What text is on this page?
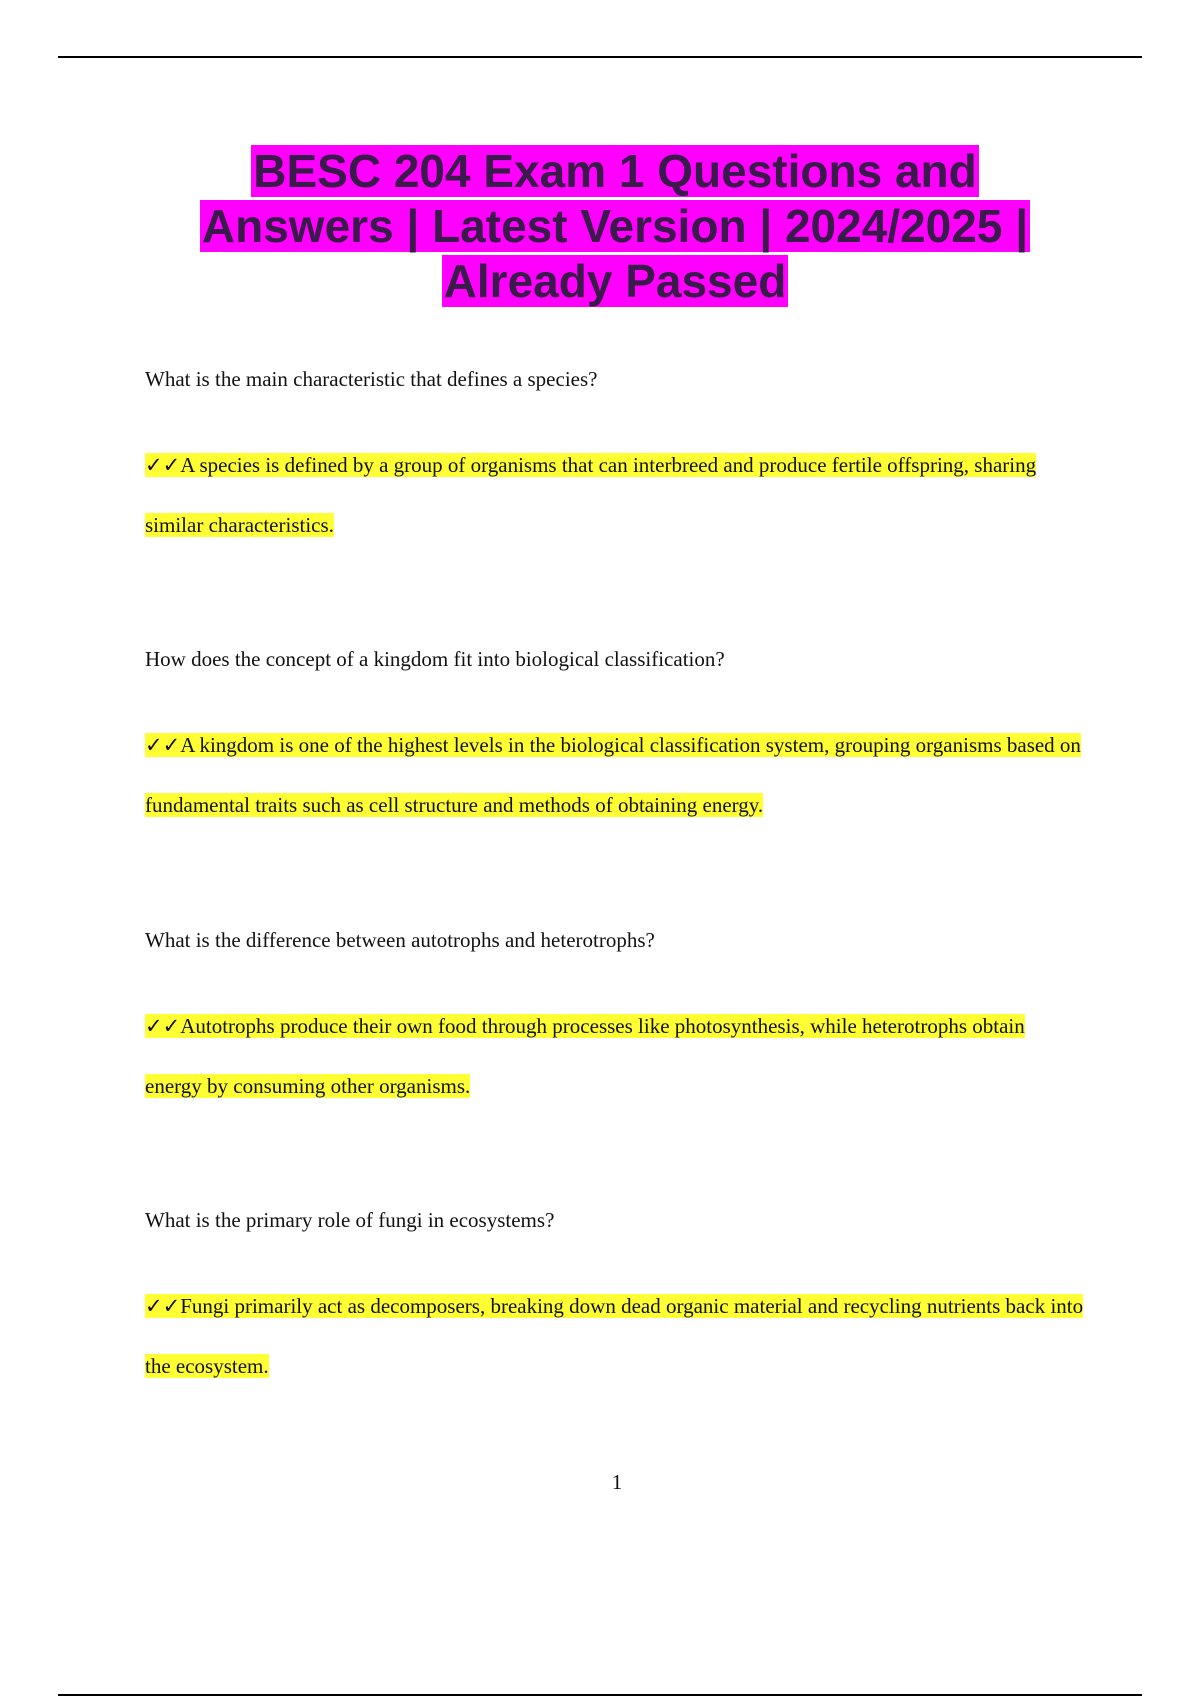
BESC 204 Exam 1 Questions and Answers | Latest Version | 2024/2025 | Already Passed

What is the main characteristic that defines a species?

✓✓A species is defined by a group of organisms that can interbreed and produce fertile offspring, sharing similar characteristics.

How does the concept of a kingdom fit into biological classification?

✓✓A kingdom is one of the highest levels in the biological classification system, grouping organisms based on fundamental traits such as cell structure and methods of obtaining energy.

What is the difference between autotrophs and heterotrophs?

✓✓Autotrophs produce their own food through processes like photosynthesis, while heterotrophs obtain energy by consuming other organisms.

What is the primary role of fungi in ecosystems?

✓✓Fungi primarily act as decomposers, breaking down dead organic material and recycling nutrients back into the ecosystem.

1
